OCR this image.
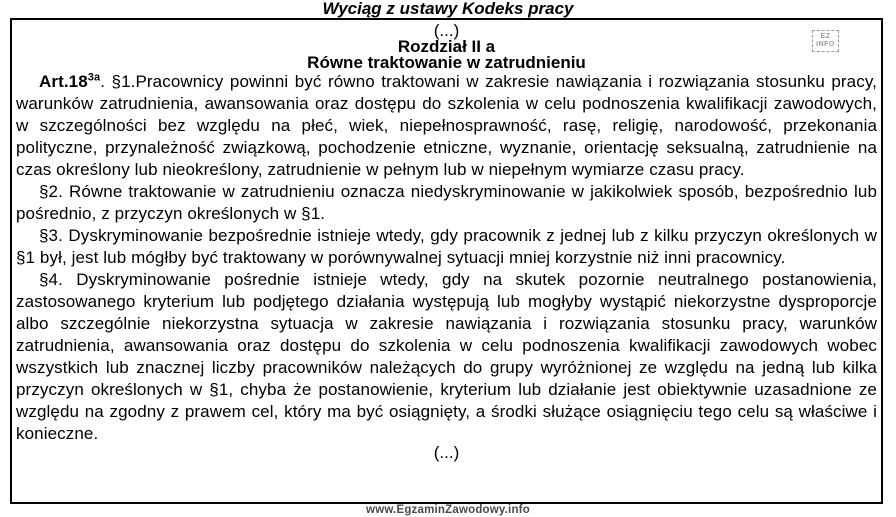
Wyciąg z ustawy Kodeks pracy
(...)
Rozdział II a
Równe traktowanie w zatrudnieniu

$Art.18^{3a}$. §1.Pracownicy powinni być równo traktowani w zakresie nawiązania i rozwiązania stosunku pracy, warunków zatrudnienia, awansowania oraz dostępu do szkolenia w celu podnoszenia kwalifikacji zawodowych, w szczególności bez względu na płeć, wiek, niepełnosprawność, rasę, religię, narodowość, przekonania polityczne, przynależność związkową, pochodzenie etniczne, wyznanie, orientację seksualną, zatrudnienie na czas określony lub nieokreślony, zatrudnienie w pełnym lub w niepełnym wymiarze czasu pracy.

§2. Równe traktowanie w zatrudnieniu oznacza niedyskryminowanie w jakikolwiek sposób, bezpośrednio lub pośrednio, z przyczyn określonych w §1.

§3. Dyskryminowanie bezpośrednie istnieje wtedy, gdy pracownik z jednej lub z kilku przyczyn określonych w §1 był, jest lub mógłby być traktowany w porównywalnej sytuacji mniej korzystnie niż inni pracownicy.

§4. Dyskryminowanie pośrednie istnieje wtedy, gdy na skutek pozornie neutralnego postanowienia, zastosowanego kryterium lub podjętego działania występują lub mogłyby wystąpić niekorzystne dysproporcje albo szczególnie niekorzystna sytuacja w zakresie nawiązania i rozwiązania stosunku pracy, warunków zatrudnienia, awansowania oraz dostępu do szkolenia w celu podnoszenia kwalifikacji zawodowych wobec wszystkich lub znacznej liczby pracowników należących do grupy wyróżnionej ze względu na jedną lub kilka przyczyn określonych w §1, chyba że postanowienie, kryterium lub działanie jest obiektywnie uzasadnione ze względu na zgodny z prawem cel, który ma być osiągnięty, a środki służące osiągnięciu tego celu są właściwe i konieczne.

(...)
EZ
INFO
www.EgzaminZawodowy.info
